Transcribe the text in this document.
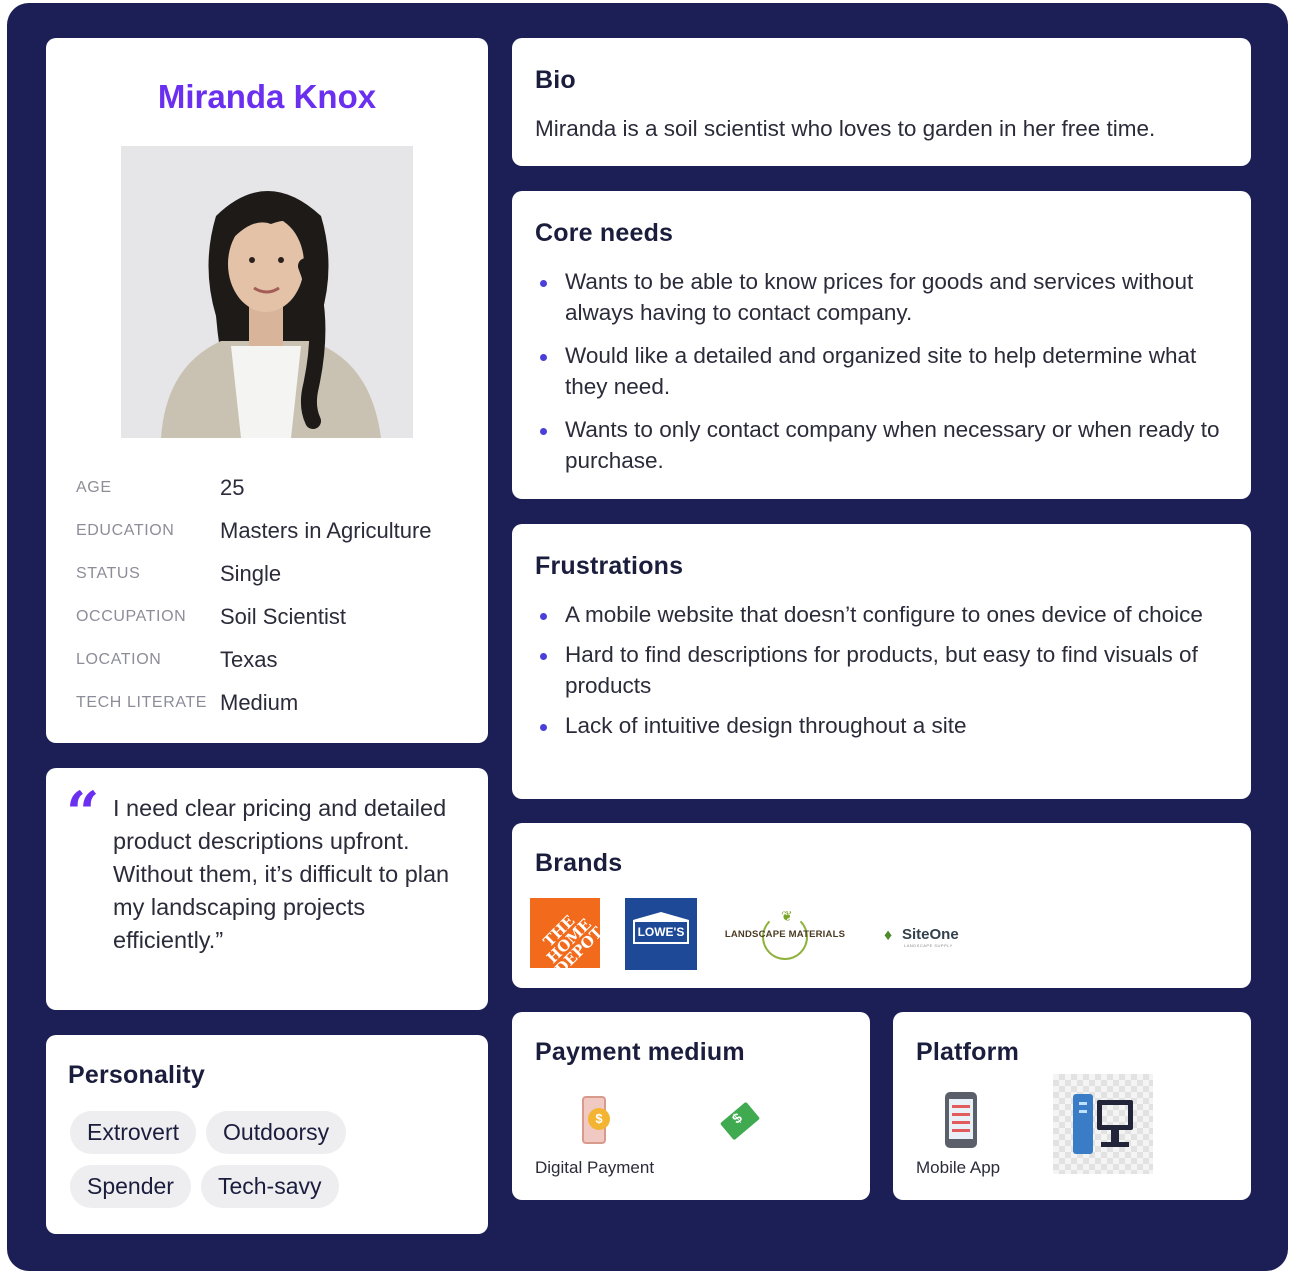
Miranda Knox
AGE	25
EDUCATION	Masters in Agriculture
STATUS	Single
OCCUPATION	Soil Scientist
LOCATION	Texas
TECH LITERATE Medium
“ I need clear pricing and detailed product descriptions upfront. Without them, it’s difficult to plan my landscaping projects efficiently.”
Personality
Extrovert	Outdoorsy
Spender	Tech-savy
Bio
Miranda is a soil scientist who loves to garden in her free time.
Core needs
Wants to be able to know prices for goods and services without always having to contact company.
Would like a detailed and organized site to help determine what they need.
Wants to only contact company when necessary or when ready to purchase.
Frustrations
A mobile website that doesn’t configure to ones device of choice
Hard to find descriptions for products, but easy to find visuals of products
Lack of intuitive design throughout a site
Brands
THE HOME DEPOT	LOWE'S
❦
LANDSCAPE MATERIALS ♦ SiteOne
LANDSCAPE SUPPLY
Payment medium
$
Digital Payment
$
Platform
Mobile App
